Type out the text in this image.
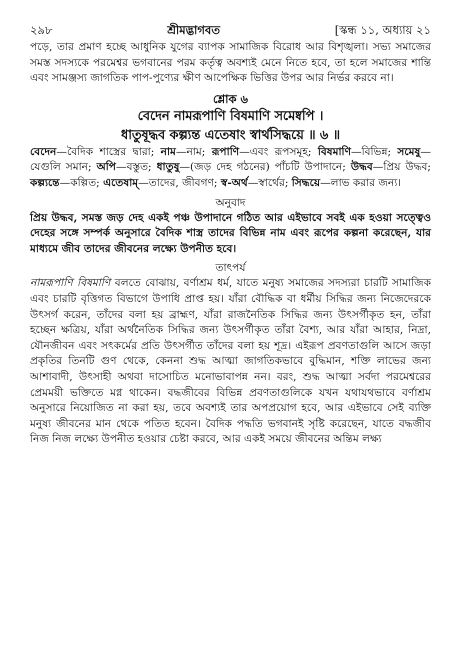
২৯৮	শ্রীমদ্ভাগবত	[স্কন্ধ ১১, অধ্যায় ২১

পড়ে, তার প্রমাণ হচ্ছে আধুনিক যুগের ব্যাপক সামাজিক বিরোধ আর বিশৃঙ্খলা। সভ্য সমাজের সমস্ত সদস্যকে পরমেশ্বর ভগবানের পরম কর্তৃত্ব অবশ্যই মেনে নিতে হবে, তা হলে সমাজের শান্তি এবং সামঞ্জস্য জাগতিক পাপ-পুণ্যের ক্ষীণ আপেক্ষিক ভিত্তির উপর আর নির্ভর করবে না।

শ্লোক ৬
বেদেন নামরূপাণি বিষমাণি সমেষ্বপি ।
ধাতুষূদ্ধব কল্প্যন্ত এতেষাং স্বার্থসিদ্ধয়ে ॥ ৬ ॥

বেদেন—বৈদিক শাস্ত্রের দ্বারা; নাম—নাম; রূপাণি—এবং রূপসমূহ; বিষমাণি—বিভিন্ন; সমেষু—যেগুলি সমান; অপি—বস্তুত; ধাতুষু—(জড় দেহ গঠনের) পাঁচটি উপাদানে; উদ্ধব—প্রিয় উদ্ধব; কল্প্যন্তে—কল্পিত; এতেষাম্—তাদের, জীবগণ; স্ব-অর্থ—স্বার্থের; সিদ্ধয়ে—লাভ করার জন্য।

অনুবাদ

প্রিয় উদ্ধব, সমস্ত জড় দেহ একই পঞ্চ উপাদানে গঠিত আর এইভাবে সবই এক হওয়া সত্ত্বেও দেহের সঙ্গে সম্পর্ক অনুসারে বৈদিক শাস্ত্র তাদের বিভিন্ন নাম এবং রূপের কল্পনা করেছেন, যার মাধ্যমে জীব তাদের জীবনের লক্ষ্যে উপনীত হবে।

তাৎপর্য

নামরূপাণি বিষমাণি বলতে বোঝায়, বর্ণাশ্রম ধর্ম, যাতে মনুষ্য সমাজের সদস্যরা চারটি সামাজিক এবং চারটি বৃত্তিগত বিভাগে উপাধি প্রাপ্ত হয়। যাঁরা বৌদ্ধিক বা ধর্মীয় সিদ্ধির জন্য নিজেদেরকে উৎসর্গ করেন, তাঁদের বলা হয় ব্রাহ্মণ, যাঁরা রাজনৈতিক সিদ্ধির জন্য উৎসর্গীকৃত হন, তাঁরা হচ্ছেন ক্ষত্রিয়, যাঁরা অর্থনৈতিক সিদ্ধির জন্য উৎসর্গীকৃত তাঁরা বৈশ্য, আর যাঁরা আহার, নিদ্রা, যৌনজীবন এবং সৎকর্মের প্রতি উৎসর্গীত তাঁদের বলা হয় শূদ্র। এইরূপ প্রবণতাগুলি আসে জড়া প্রকৃতির তিনটি গুণ থেকে, কেননা শুদ্ধ আত্মা জাগতিকভাবে বুদ্ধিমান, শক্তি লাভের জন্য আশাবাদী, উৎসাহী অথবা দাসোচিত মনোভাবাপন্ন নন। বরং, শুদ্ধ আত্মা সর্বদা পরমেশ্বরের প্রেমময়ী ভক্তিতে মগ্ন থাকেন। বদ্ধজীবের বিভিন্ন প্রবণতাগুলিকে যখন যথাযথভাবে বর্ণাশ্রম অনুসারে নিয়োজিত না করা হয়, তবে অবশ্যই তার অপপ্রয়োগ হবে, আর এইভাবে সেই ব্যক্তি মনুষ্য জীবনের মান থেকে পতিত হবেন। বৈদিক পদ্ধতি ভগবানই সৃষ্টি করেছেন, যাতে বদ্ধজীব নিজ নিজ লক্ষ্যে উপনীত হওয়ার চেষ্টা করবে, আর একই সময়ে জীবনের অন্তিম লক্ষ্য
